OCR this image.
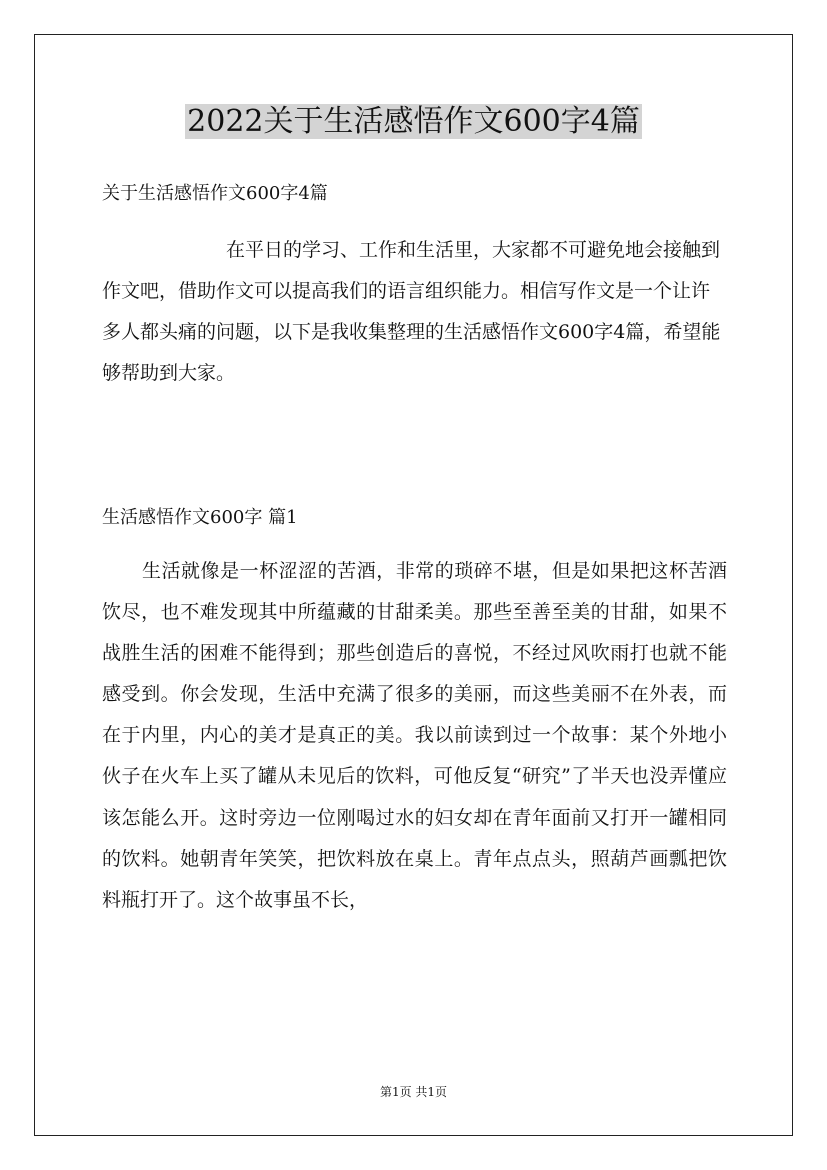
2022关于生活感悟作文600字4篇

关于生活感悟作文600字4篇

在平日的学习、工作和生活里，大家都不可避免地会接触到作文吧，借助作文可以提高我们的语言组织能力。相信写作文是一个让许多人都头痛的问题，以下是我收集整理的生活感悟作文600字4篇，希望能够帮助到大家。

生活感悟作文600字 篇1

生活就像是一杯涩涩的苦酒，非常的琐碎不堪，但是如果把这杯苦酒饮尽，也不难发现其中所蕴藏的甘甜柔美。那些至善至美的甘甜，如果不战胜生活的困难不能得到；那些创造后的喜悦，不经过风吹雨打也就不能感受到。你会发现，生活中充满了很多的美丽，而这些美丽不在外表，而在于内里，内心的美才是真正的美。我以前读到过一个故事：某个外地小伙子在火车上买了罐从未见后的饮料，可他反复“研究”了半天也没弄懂应该怎能么开。这时旁边一位刚喝过水的妇女却在青年面前又打开一罐相同的饮料。她朝青年笑笑，把饮料放在桌上。青年点点头，照葫芦画瓢把饮料瓶打开了。这个故事虽不长，

第1页 共1页
